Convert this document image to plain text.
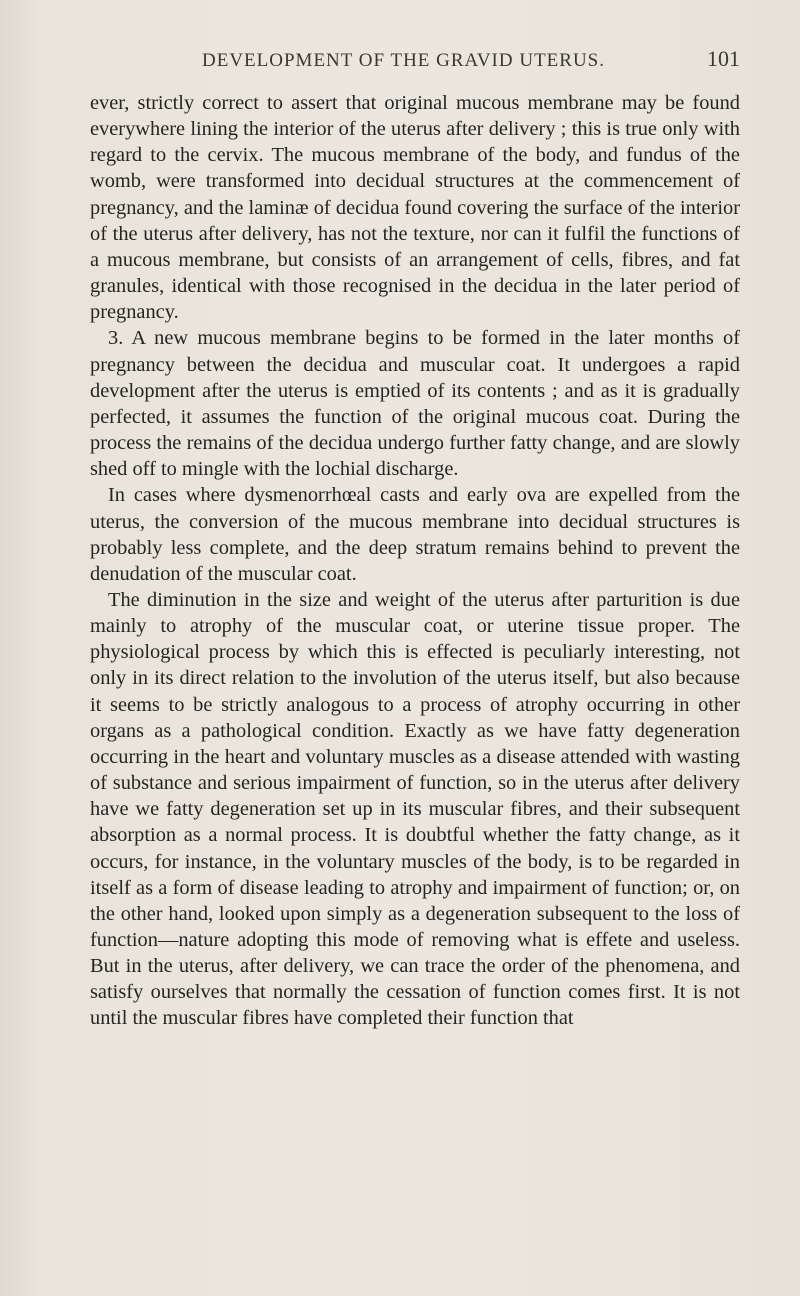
DEVELOPMENT OF THE GRAVID UTERUS.	101

ever, strictly correct to assert that original mucous membrane may be found everywhere lining the interior of the uterus after delivery ; this is true only with regard to the cervix. The mucous membrane of the body, and fundus of the womb, were transformed into decidual structures at the commencement of pregnancy, and the laminæ of decidua found covering the surface of the interior of the uterus after delivery, has not the texture, nor can it fulfil the functions of a mucous membrane, but consists of an arrangement of cells, fibres, and fat granules, identical with those recognised in the decidua in the later period of pregnancy.

3. A new mucous membrane begins to be formed in the later months of pregnancy between the decidua and muscular coat. It undergoes a rapid development after the uterus is emptied of its contents ; and as it is gradually perfected, it assumes the function of the original mucous coat. During the process the remains of the decidua undergo further fatty change, and are slowly shed off to mingle with the lochial discharge.

In cases where dysmenorrhœal casts and early ova are expelled from the uterus, the conversion of the mucous membrane into decidual structures is probably less complete, and the deep stratum remains behind to prevent the denudation of the muscular coat.

The diminution in the size and weight of the uterus after parturition is due mainly to atrophy of the muscular coat, or uterine tissue proper. The physiological process by which this is effected is peculiarly interesting, not only in its direct relation to the involution of the uterus itself, but also because it seems to be strictly analogous to a process of atrophy occurring in other organs as a pathological condition. Exactly as we have fatty degeneration occurring in the heart and voluntary muscles as a disease attended with wasting of substance and serious impairment of function, so in the uterus after delivery have we fatty degeneration set up in its muscular fibres, and their subsequent absorption as a normal process. It is doubtful whether the fatty change, as it occurs, for instance, in the voluntary muscles of the body, is to be regarded in itself as a form of disease leading to atrophy and impairment of function; or, on the other hand, looked upon simply as a degeneration subsequent to the loss of function—nature adopting this mode of removing what is effete and useless. But in the uterus, after delivery, we can trace the order of the phenomena, and satisfy ourselves that normally the cessation of function comes first. It is not until the muscular fibres have completed their function that
